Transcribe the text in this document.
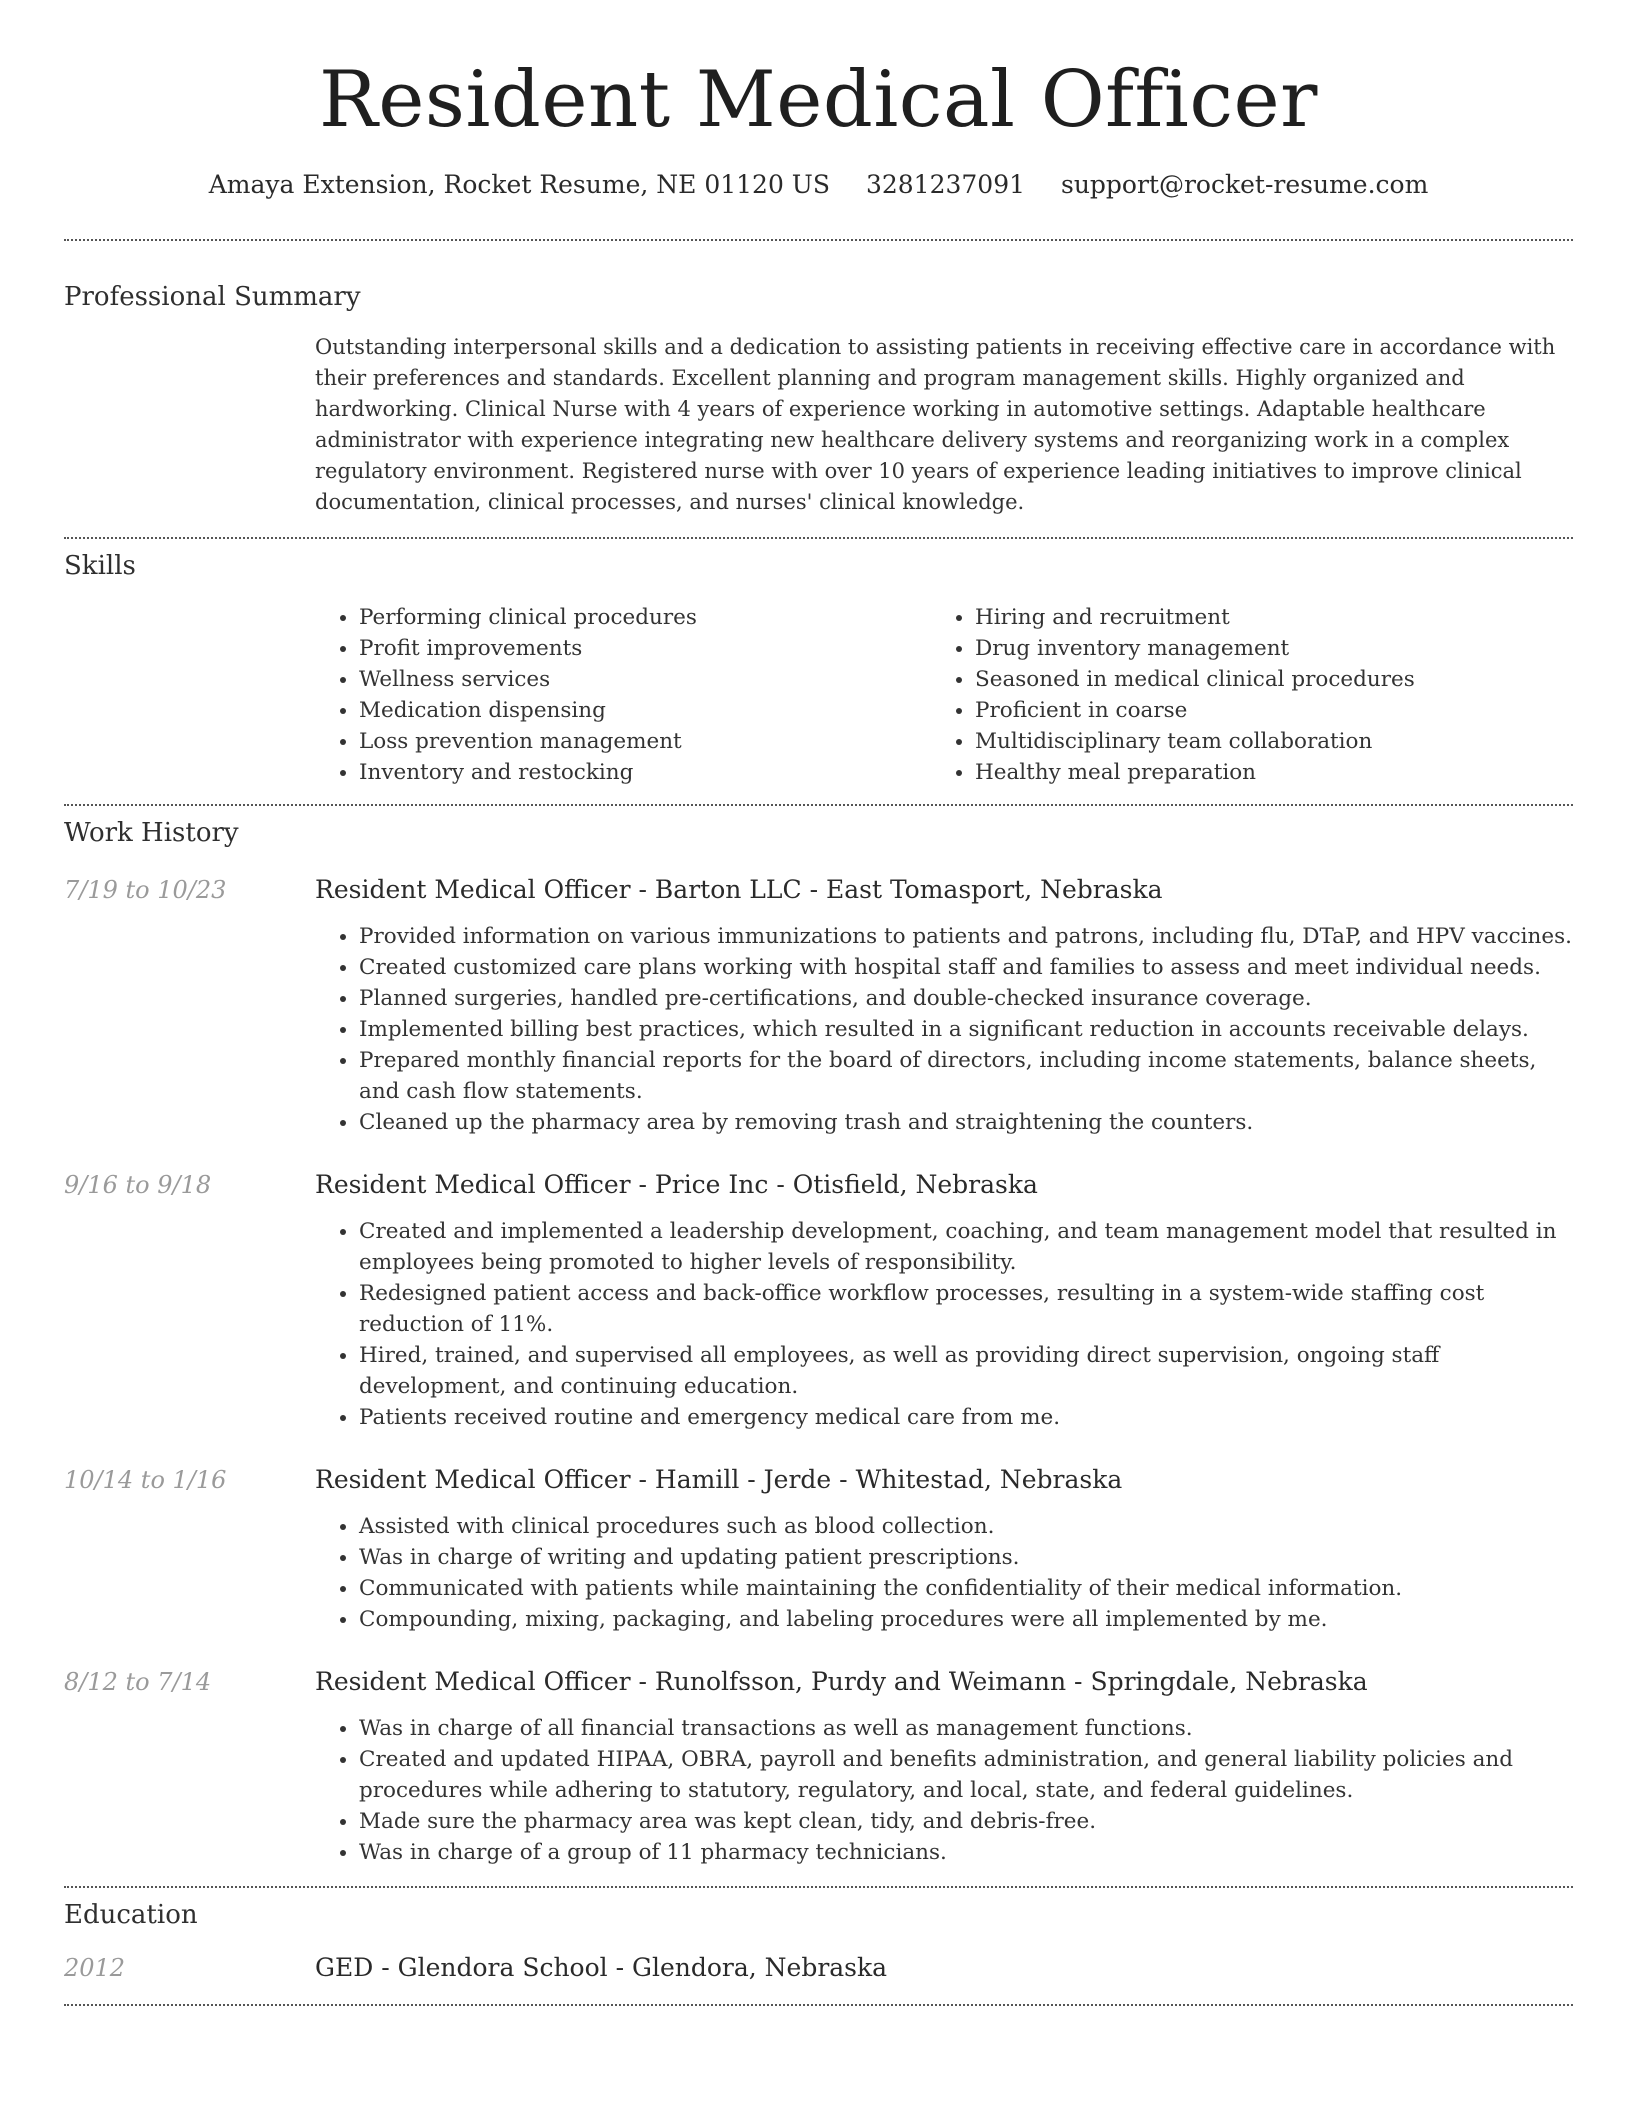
Resident Medical Officer
Amaya Extension, Rocket Resume, NE 01120 US 3281237091 support@rocket-resume.com
Professional Summary
Outstanding interpersonal skills and a dedication to assisting patients in receiving effective care in accordance with their preferences and standards. Excellent planning and program management skills. Highly organized and hardworking. Clinical Nurse with 4 years of experience working in automotive settings. Adaptable healthcare administrator with experience integrating new healthcare delivery systems and reorganizing work in a complex regulatory environment. Registered nurse with over 10 years of experience leading initiatives to improve clinical documentation, clinical processes, and nurses' clinical knowledge.
Skills
• Performing clinical procedures
• Profit improvements
• Wellness services
• Medication dispensing
• Loss prevention management
• Inventory and restocking
• Hiring and recruitment
• Drug inventory management
• Seasoned in medical clinical procedures
• Proficient in coarse
• Multidisciplinary team collaboration
• Healthy meal preparation
Work History
7/19 to 10/23	Resident Medical Officer - Barton LLC - East Tomasport, Nebraska
• Provided information on various immunizations to patients and patrons, including flu, DTaP, and HPV vaccines.
• Created customized care plans working with hospital staff and families to assess and meet individual needs.
• Planned surgeries, handled pre-certifications, and double-checked insurance coverage.
• Implemented billing best practices, which resulted in a significant reduction in accounts receivable delays.
• Prepared monthly financial reports for the board of directors, including income statements, balance sheets, and cash flow statements.
• Cleaned up the pharmacy area by removing trash and straightening the counters.
9/16 to 9/18	Resident Medical Officer - Price Inc - Otisfield, Nebraska
• Created and implemented a leadership development, coaching, and team management model that resulted in employees being promoted to higher levels of responsibility.
• Redesigned patient access and back-office workflow processes, resulting in a system-wide staffing cost reduction of 11%.
• Hired, trained, and supervised all employees, as well as providing direct supervision, ongoing staff development, and continuing education.
• Patients received routine and emergency medical care from me.
10/14 to 1/16	Resident Medical Officer - Hamill - Jerde - Whitestad, Nebraska
• Assisted with clinical procedures such as blood collection.
• Was in charge of writing and updating patient prescriptions.
• Communicated with patients while maintaining the confidentiality of their medical information.
• Compounding, mixing, packaging, and labeling procedures were all implemented by me.
8/12 to 7/14	Resident Medical Officer - Runolfsson, Purdy and Weimann - Springdale, Nebraska
• Was in charge of all financial transactions as well as management functions.
• Created and updated HIPAA, OBRA, payroll and benefits administration, and general liability policies and procedures while adhering to statutory, regulatory, and local, state, and federal guidelines.
• Made sure the pharmacy area was kept clean, tidy, and debris-free.
• Was in charge of a group of 11 pharmacy technicians.
Education
2012	GED - Glendora School - Glendora, Nebraska
